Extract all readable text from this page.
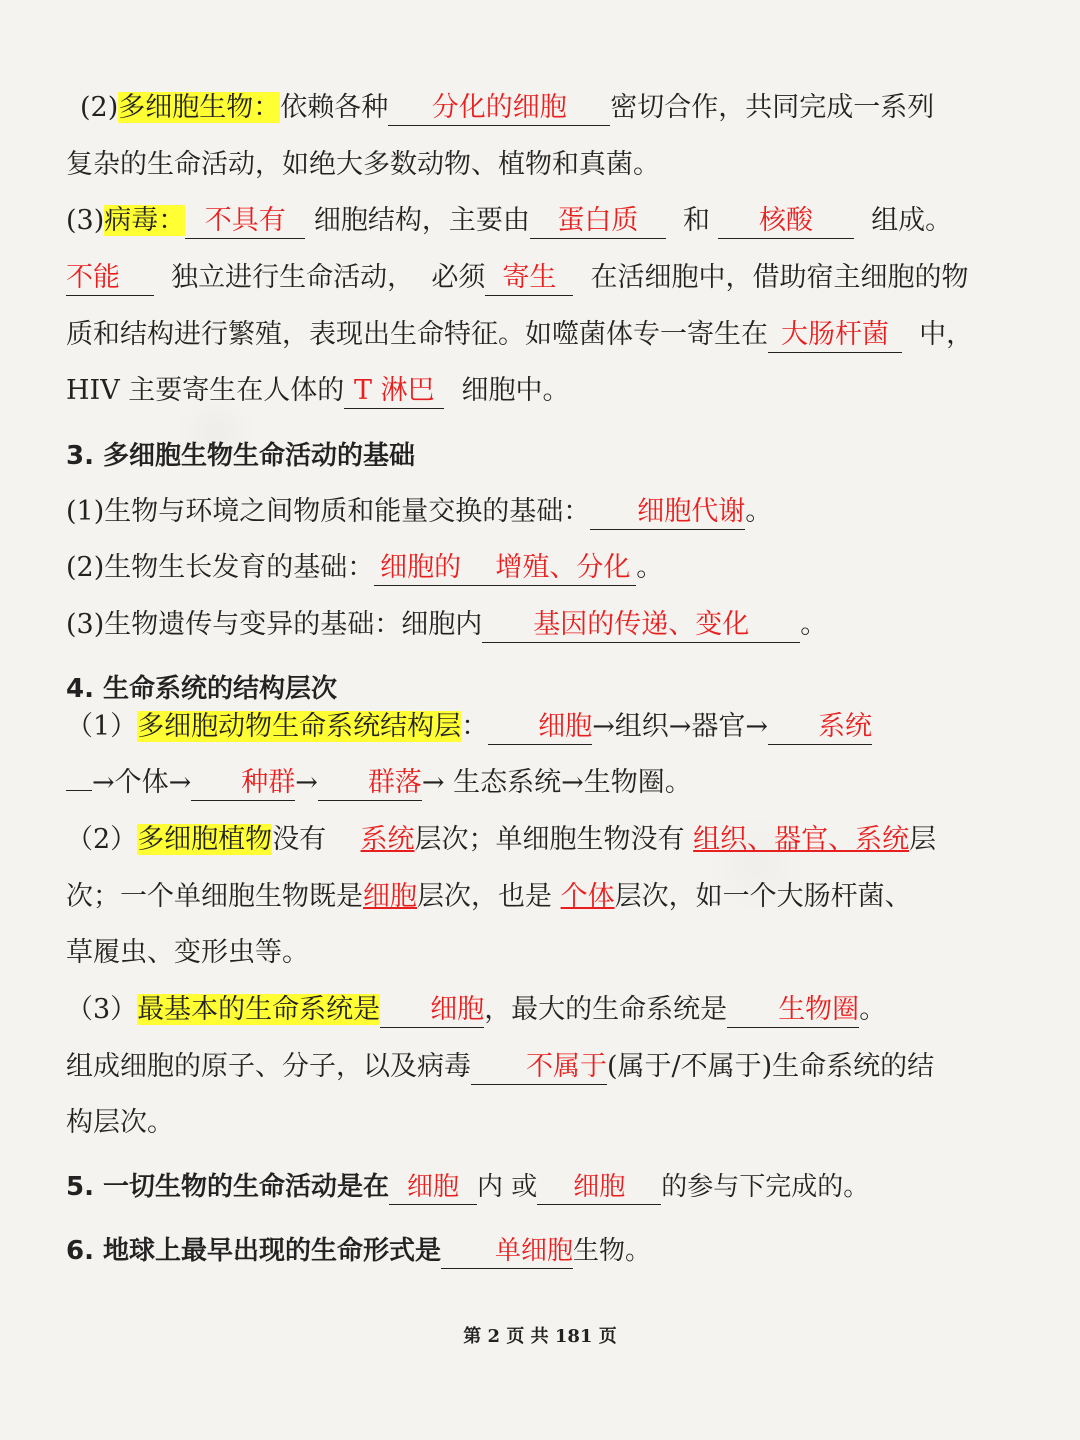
(2)多细胞生物：依赖各种 分化的细胞 密切合作，共同完成一系列
复杂的生命活动，如绝大多数动物、植物和真菌。
(3)病毒： 不具有 细胞结构，主要由 蛋白质 和 核酸 组成。
不能 独立进行生命活动， 必须 寄生 在活细胞中，借助宿主细胞的物
质和结构进行繁殖，表现出生命特征。如噬菌体专一寄生在 大肠杆菌 中，
HIV 主要寄生在人体的 T 淋巴 细胞中。
3. 多细胞生物生命活动的基础
(1)生物与环境之间物质和能量交换的基础： 细胞代谢。
(2)生物生长发育的基础： 细胞的    增殖、分化 。
(3)生物遗传与变异的基础：细胞内 基因的传递、变化 。
4. 生命系统的结构层次
（1）多细胞动物生命系统结构层： 细胞→组织→器官→ 系统
→个体→ 种群→ 群落→ 生态系统→生物圈。
（2）多细胞植物没有 系统层次；单细胞生物没有 组织、器官、系统层
次；一个单细胞生物既是细胞层次，也是 个体层次，如一个大肠杆菌、
草履虫、变形虫等。
（3）最基本的生命系统是 细胞，最大的生命系统是 生物圈。
组成细胞的原子、分子，以及病毒 不属于(属于/不属于)生命系统的结
构层次。
5. 一切生物的生命活动是在 细胞 内 或 细胞 的参与下完成的。
6. 地球上最早出现的生命形式是 单细胞生物。
第 2 页 共 181 页
